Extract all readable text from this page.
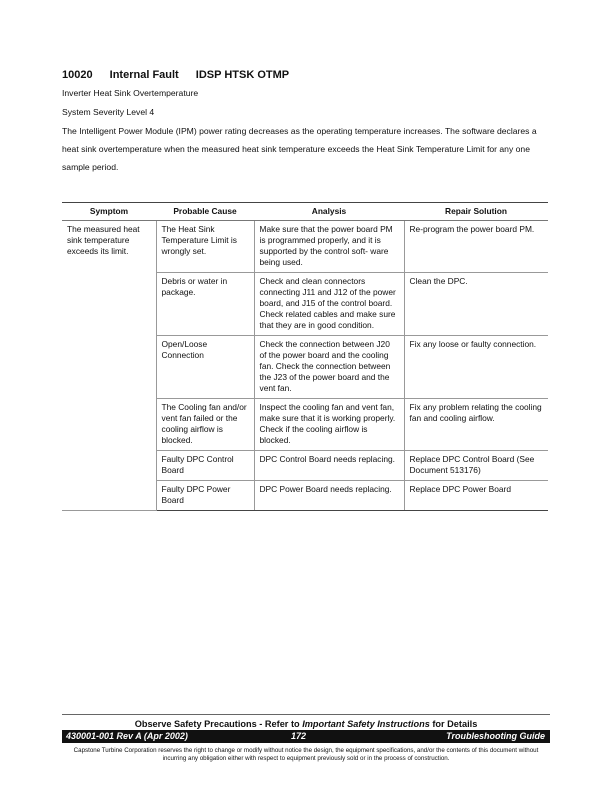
10020 Internal Fault IDSP HTSK OTMP
Inverter Heat Sink Overtemperature
System Severity Level 4
The Intelligent Power Module (IPM) power rating decreases as the operating temperature increases. The software declares a heat sink overtemperature when the measured heat sink temperature exceeds the Heat Sink Temperature Limit for any one sample period.
Symptom	Probable Cause	Analysis	Repair Solution
The measured heat sink temperature exceeds its limit.	The Heat Sink Temperature Limit is wrongly set.	Make sure that the power board PM is programmed properly, and it is supported by the control soft- ware being used.	Re-program the power board PM.
	Debris or water in package.	Check and clean connectors connecting J11 and J12 of the power board, and J15 of the control board. Check related cables and make sure that they are in good condition.	Clean the DPC.
	Open/Loose Connection	Check the connection between J20 of the power board and the cooling fan. Check the connection between the J23 of the power board and the vent fan.	Fix any loose or faulty connection.
	The Cooling fan and/or vent fan failed or the cooling airflow is blocked.	Inspect the cooling fan and vent fan, make sure that it is working properly. Check if the cooling airflow is blocked.	Fix any problem relating the cooling fan and cooling airflow.
	Faulty DPC Control Board	DPC Control Board needs replacing.	Replace DPC Control Board (See Document 513176)
	Faulty DPC Power Board	DPC Power Board needs replacing.	Replace DPC Power Board
Observe Safety Precautions - Refer to Important Safety Instructions for Details
430001-001 Rev A (Apr 2002)	172	Troubleshooting Guide
Capstone Turbine Corporation reserves the right to change or modify without notice the design, the equipment specifications, and/or the contents of this document without incurring any obligation either with respect to equipment previously sold or in the process of construction.
